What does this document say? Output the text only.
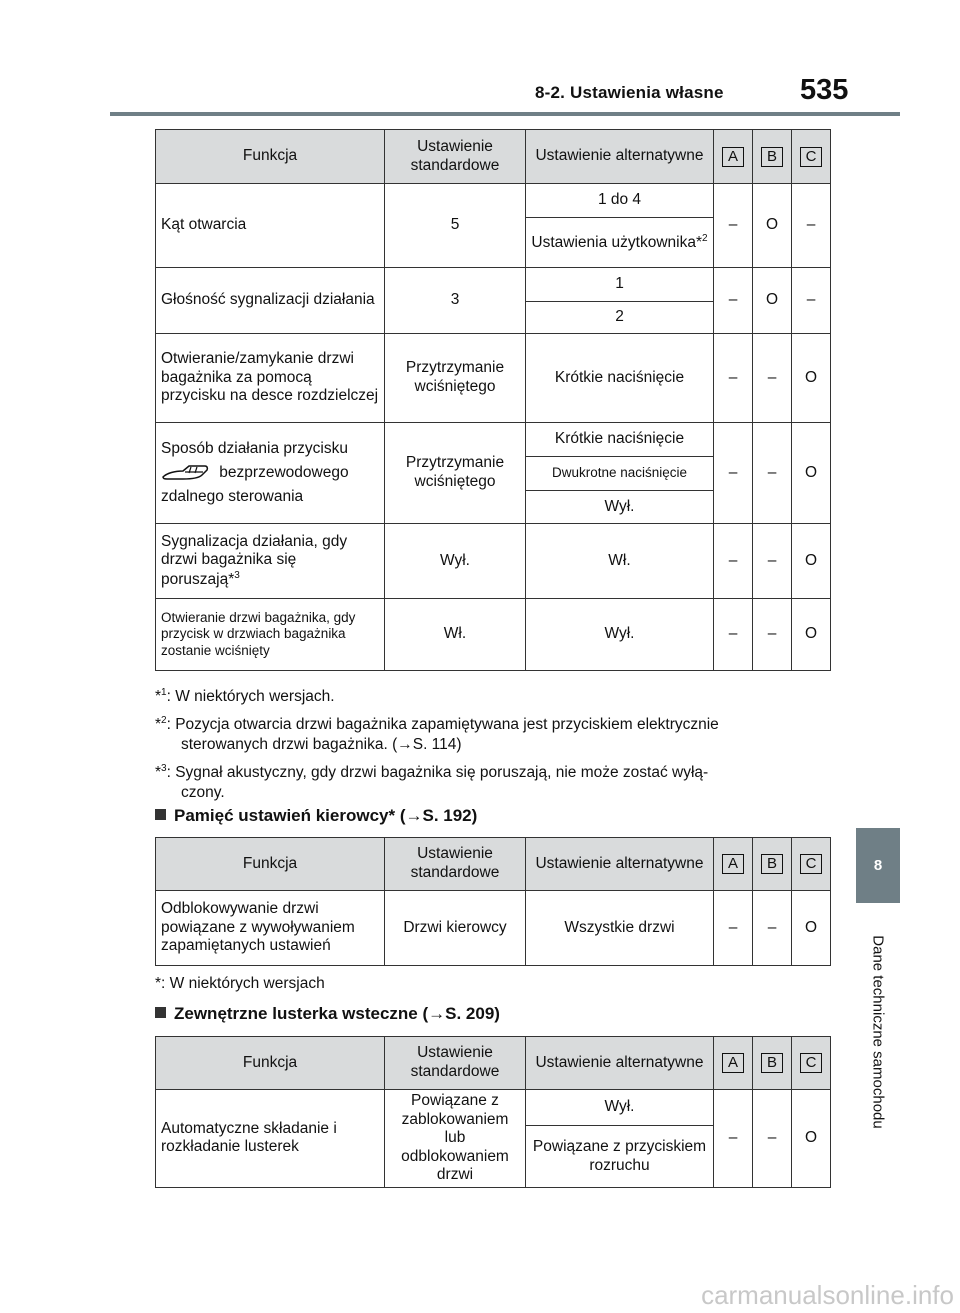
8-2. Ustawienia własne	535
8
Dane techniczne samochodu
Funkcja	Ustawienie standardowe	Ustawienie alternatywne	A	B	C
Kąt otwarcia	5	1 do 4	–	O	–
		Ustawienia użytkownika*$^2$
Głośność sygnalizacji działania	3	1	–	O	–
		2			
Otwieranie/zamykanie drzwi bagażnika za pomocą przycisku na desce rozdzielczej	Przytrzymanie wciśniętego	Krótkie naciśnięcie	–	–	O
Sposób działania przycisku
bezprzewodowego
zdalnego sterowania	Przytrzymanie wciśniętego	Krótkie naciśnięcie	–	–	O
		Dwukrotne naciśnięcie			
		Wył.			
Sygnalizacja działania, gdy drzwi bagażnika się poruszają*$^3$	Wył.	Wł.	–	–	O
Otwieranie drzwi bagażnika, gdy przycisk w drzwiach bagażnika zostanie wciśnięty	Wł.	Wył.	–	–	O
*$^1$: W niektórych wersjach.
*$^2$: Pozycja otwarcia drzwi bagażnika zapamiętywana jest przyciskiem elektrycznie
sterowanych drzwi bagażnika. (→S. 114)
*$^3$: Sygnał akustyczny, gdy drzwi bagażnika się poruszają, nie może zostać wyłą-
czony.
Pamięć ustawień kierowcy* (→S. 192)
Funkcja	Ustawienie standardowe	Ustawienie alternatywne	A	B	C
Odblokowywanie drzwi powiązane z wywoływaniem zapamiętanych ustawień	Drzwi kierowcy	Wszystkie drzwi	–	–	O
*: W niektórych wersjach
Zewnętrzne lusterka wsteczne (→S. 209)
Funkcja	Ustawienie standardowe	Ustawienie alternatywne	A	B	C
Automatyczne składanie i rozkładanie lusterek	Powiązane z zablokowaniem lub odblokowaniem drzwi	Wył.	–	–	O
		Powiązane z przyciskiem rozruchu			
carmanualsonline.info
